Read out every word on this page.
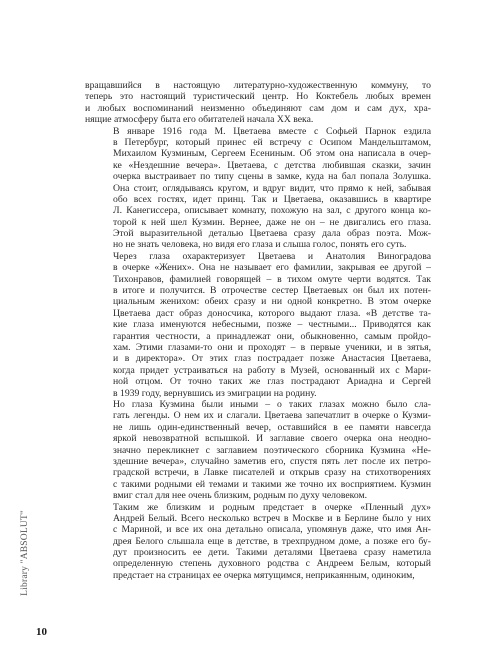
вращавшийся в настоящую литературно-художественную коммуну, то
теперь это настоящий туристический центр. Но Коктебель любых времен
и любых воспоминаний неизменно объединяют сам дом и сам дух, хра-
нящие атмосферу быта его обитателей начала XX века.
В январе 1916 года М. Цветаева вместе с Софьей Парнок ездила
в Петербург, который принес ей встречу с Осипом Мандельштамом,
Михаилом Кузминым, Сергеем Есениным. Об этом она написала в очер-
ке «Нездешние вечера». Цветаева, с детства любившая сказки, зачин
очерка выстраивает по типу сцены в замке, куда на бал попала Золушка.
Она стоит, оглядываясь кругом, и вдруг видит, что прямо к ней, забывая
обо всех гостях, идет принц. Так и Цветаева, оказавшись в квартире
Л. Канегиссера, описывает комнату, похожую на зал, с другого конца ко-
торой к ней шел Кузмин. Вернее, даже не он – не двигались его глаза.
Этой выразительной деталью Цветаева сразу дала образ поэта. Мож-
но не знать человека, но видя его глаза и слыша голос, понять его суть.
Через глаза охарактеризует Цветаева и Анатолия Виноградова
в очерке «Жених». Она не называет его фамилии, закрывая ее другой –
Тихонравов, фамилией говорящей – в тихом омуте черти водятся. Так
в итоге и получится. В отрочестве сестер Цветаевых он был их потен-
циальным женихом: обеих сразу и ни одной конкретно. В этом очерке
Цветаева даст образ доносчика, которого выдают глаза. «В детстве та-
кие глаза именуются небесными, позже – честными... Приводятся как
гарантия честности, а принадлежат они, обыкновенно, самым пройдо-
хам. Этими глазами-то они и проходят – в первые ученики, и в зятья,
и в директора». От этих глаз пострадает позже Анастасия Цветаева,
когда придет устраиваться на работу в Музей, основанный их с Мари-
ной отцом. От точно таких же глаз пострадают Ариадна и Сергей
в 1939 году, вернувшись из эмиграции на родину.
Но глаза Кузмина были иными – о таких глазах можно было сла-
гать легенды. О нем их и слагали. Цветаева запечатлит в очерке о Кузми-
не лишь один-единственный вечер, оставшийся в ее памяти навсегда
яркой невозвратной вспышкой. И заглавие своего очерка она неодно-
значно перекликнет с заглавием поэтического сборника Кузмина «Не-
здешние вечера», случайно заметив его, спустя пять лет после их петро-
градской встречи, в Лавке писателей и открыв сразу на стихотворениях
с такими родными ей темами и такими же точно их восприятием. Кузмин
вмиг стал для нее очень близким, родным по духу человеком.
Таким же близким и родным предстает в очерке «Пленный дух»
Андрей Белый. Всего несколько встреч в Москве и в Берлине было у них
с Мариной, и все их она детально описала, упомянув даже, что имя Ан-
дрея Белого слышала еще в детстве, в трехпрудном доме, а позже его бу-
дут произносить ее дети. Такими деталями Цветаева сразу наметила
определенную степень духовного родства с Андреем Белым, который
предстает на страницах ее очерка мятущимся, неприкаянным, одиноким,
Library "ABSOLUT"
10
